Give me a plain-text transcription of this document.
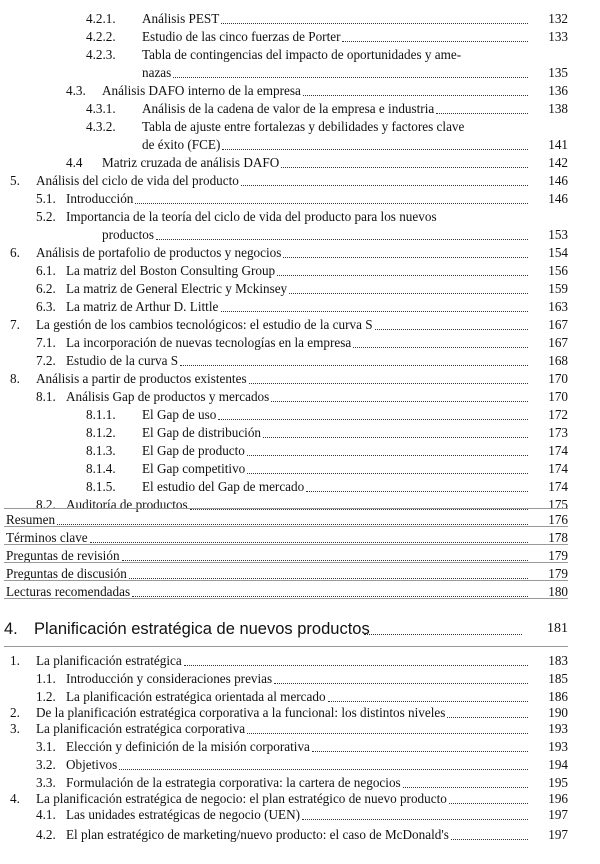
4. Planificación estratégica de nuevos productos	181
4.2.1. Análisis PEST	132
4.2.2. Estudio de las cinco fuerzas de Porter	133
4.2.3. Tabla de contingencias del impacto de oportunidades y ame-
nazas	135
4.3. Análisis DAFO interno de la empresa	136
4.3.1. Análisis de la cadena de valor de la empresa e industria	138
4.3.2. Tabla de ajuste entre fortalezas y debilidades y factores clave
de éxito (FCE)	141
4.4 Matriz cruzada de análisis DAFO	142
5. Análisis del ciclo de vida del producto	146
5.1. Introducción	146
5.2. Importancia de la teoría del ciclo de vida del producto para los nuevos
productos	153
6. Análisis de portafolio de productos y negocios	154
6.1. La matriz del Boston Consulting Group	156
6.2. La matriz de General Electric y Mckinsey	159
6.3. La matriz de Arthur D. Little	163
7. La gestión de los cambios tecnológicos: el estudio de la curva S	167
7.1. La incorporación de nuevas tecnologías en la empresa	167
7.2. Estudio de la curva S	168
8. Análisis a partir de productos existentes	170
8.1. Análisis Gap de productos y mercados	170
8.1.1. El Gap de uso	172
8.1.2. El Gap de distribución	173
8.1.3. El Gap de producto	174
8.1.4. El Gap competitivo	174
8.1.5. El estudio del Gap de mercado	174
8.2. Auditoría de productos	175
Resumen	176
Términos clave	178
Preguntas de revisión	179
Preguntas de discusión	179
Lecturas recomendadas	180
1. La planificación estratégica	183
1.1. Introducción y consideraciones previas	185
1.2. La planificación estratégica orientada al mercado	186
2. De la planificación estratégica corporativa a la funcional: los distintos niveles	190
3. La planificación estratégica corporativa	193
3.1. Elección y definición de la misión corporativa	193
3.2. Objetivos	194
3.3. Formulación de la estrategia corporativa: la cartera de negocios	195
4. La planificación estratégica de negocio: el plan estratégico de nuevo producto	196
4.1. Las unidades estratégicas de negocio (UEN)	197
4.2. El plan estratégico de marketing/nuevo producto: el caso de McDonald's	197
